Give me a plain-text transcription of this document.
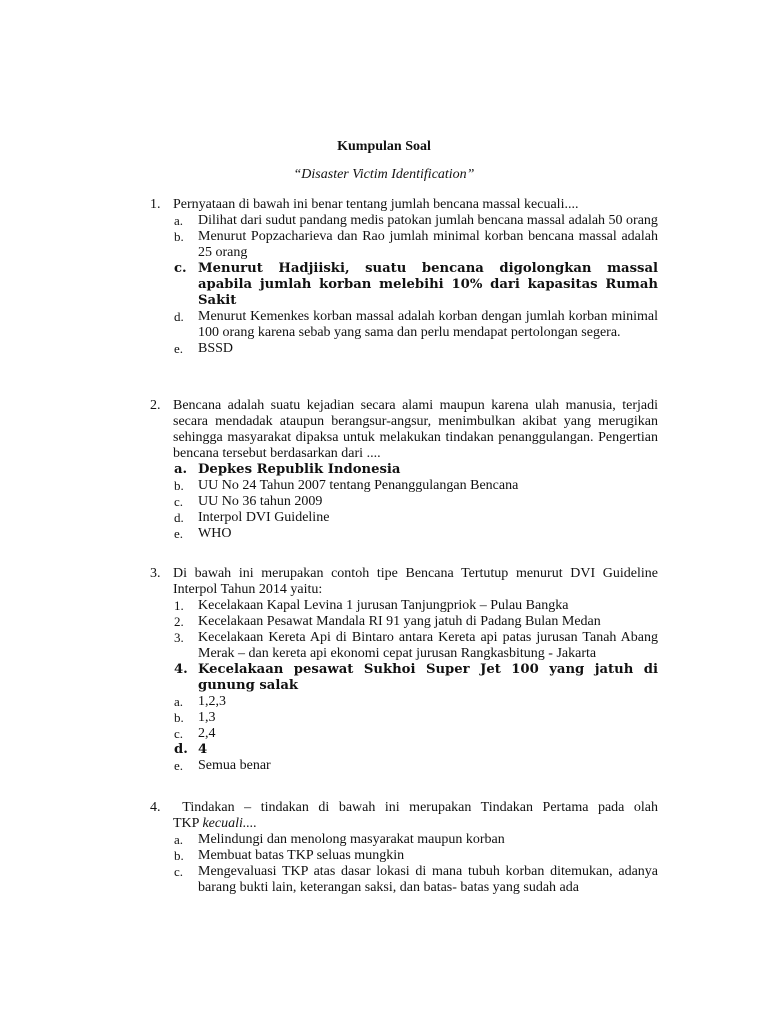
Kumpulan Soal
“Disaster Victim Identification”
1. Pernyataan di bawah ini benar tentang jumlah bencana massal kecuali....
a. Dilihat dari sudut pandang medis patokan jumlah bencana massal adalah 50 orang
b. Menurut Popzacharieva dan Rao jumlah minimal korban bencana massal adalah 25 orang
c. Menurut Hadjiiski, suatu bencana digolongkan massal apabila jumlah korban melebihi 10% dari kapasitas Rumah Sakit
d. Menurut Kemenkes korban massal adalah korban dengan jumlah korban minimal 100 orang karena sebab yang sama dan perlu mendapat pertolongan segera.
e. BSSD
2. Bencana adalah suatu kejadian secara alami maupun karena ulah manusia, terjadi secara mendadak ataupun berangsur-angsur, menimbulkan akibat yang merugikan sehingga masyarakat dipaksa untuk melakukan tindakan penanggulangan. Pengertian bencana tersebut berdasarkan dari ....
a. Depkes Republik Indonesia
b. UU No 24 Tahun 2007 tentang Penanggulangan Bencana
c. UU No 36 tahun 2009
d. Interpol DVI Guideline
e. WHO
3. Di bawah ini merupakan contoh tipe Bencana Tertutup menurut DVI Guideline Interpol Tahun 2014 yaitu:
1. Kecelakaan Kapal Levina 1 jurusan Tanjungpriok – Pulau Bangka
2. Kecelakaan Pesawat Mandala RI 91 yang jatuh di Padang Bulan Medan
3. Kecelakaan Kereta Api di Bintaro antara Kereta api patas jurusan Tanah Abang Merak – dan kereta api ekonomi cepat jurusan Rangkasbitung - Jakarta
4. Kecelakaan pesawat Sukhoi Super Jet 100 yang jatuh di gunung salak
a. 1,2,3
b. 1,3
c. 2,4
d. 4
e. Semua benar
4. Tindakan – tindakan di bawah ini merupakan Tindakan Pertama pada olah
TKP kecuali....
a. Melindungi dan menolong masyarakat maupun korban
b. Membuat batas TKP seluas mungkin
c. Mengevaluasi TKP atas dasar lokasi di mana tubuh korban ditemukan, adanya barang bukti lain, keterangan saksi, dan batas- batas yang sudah ada
